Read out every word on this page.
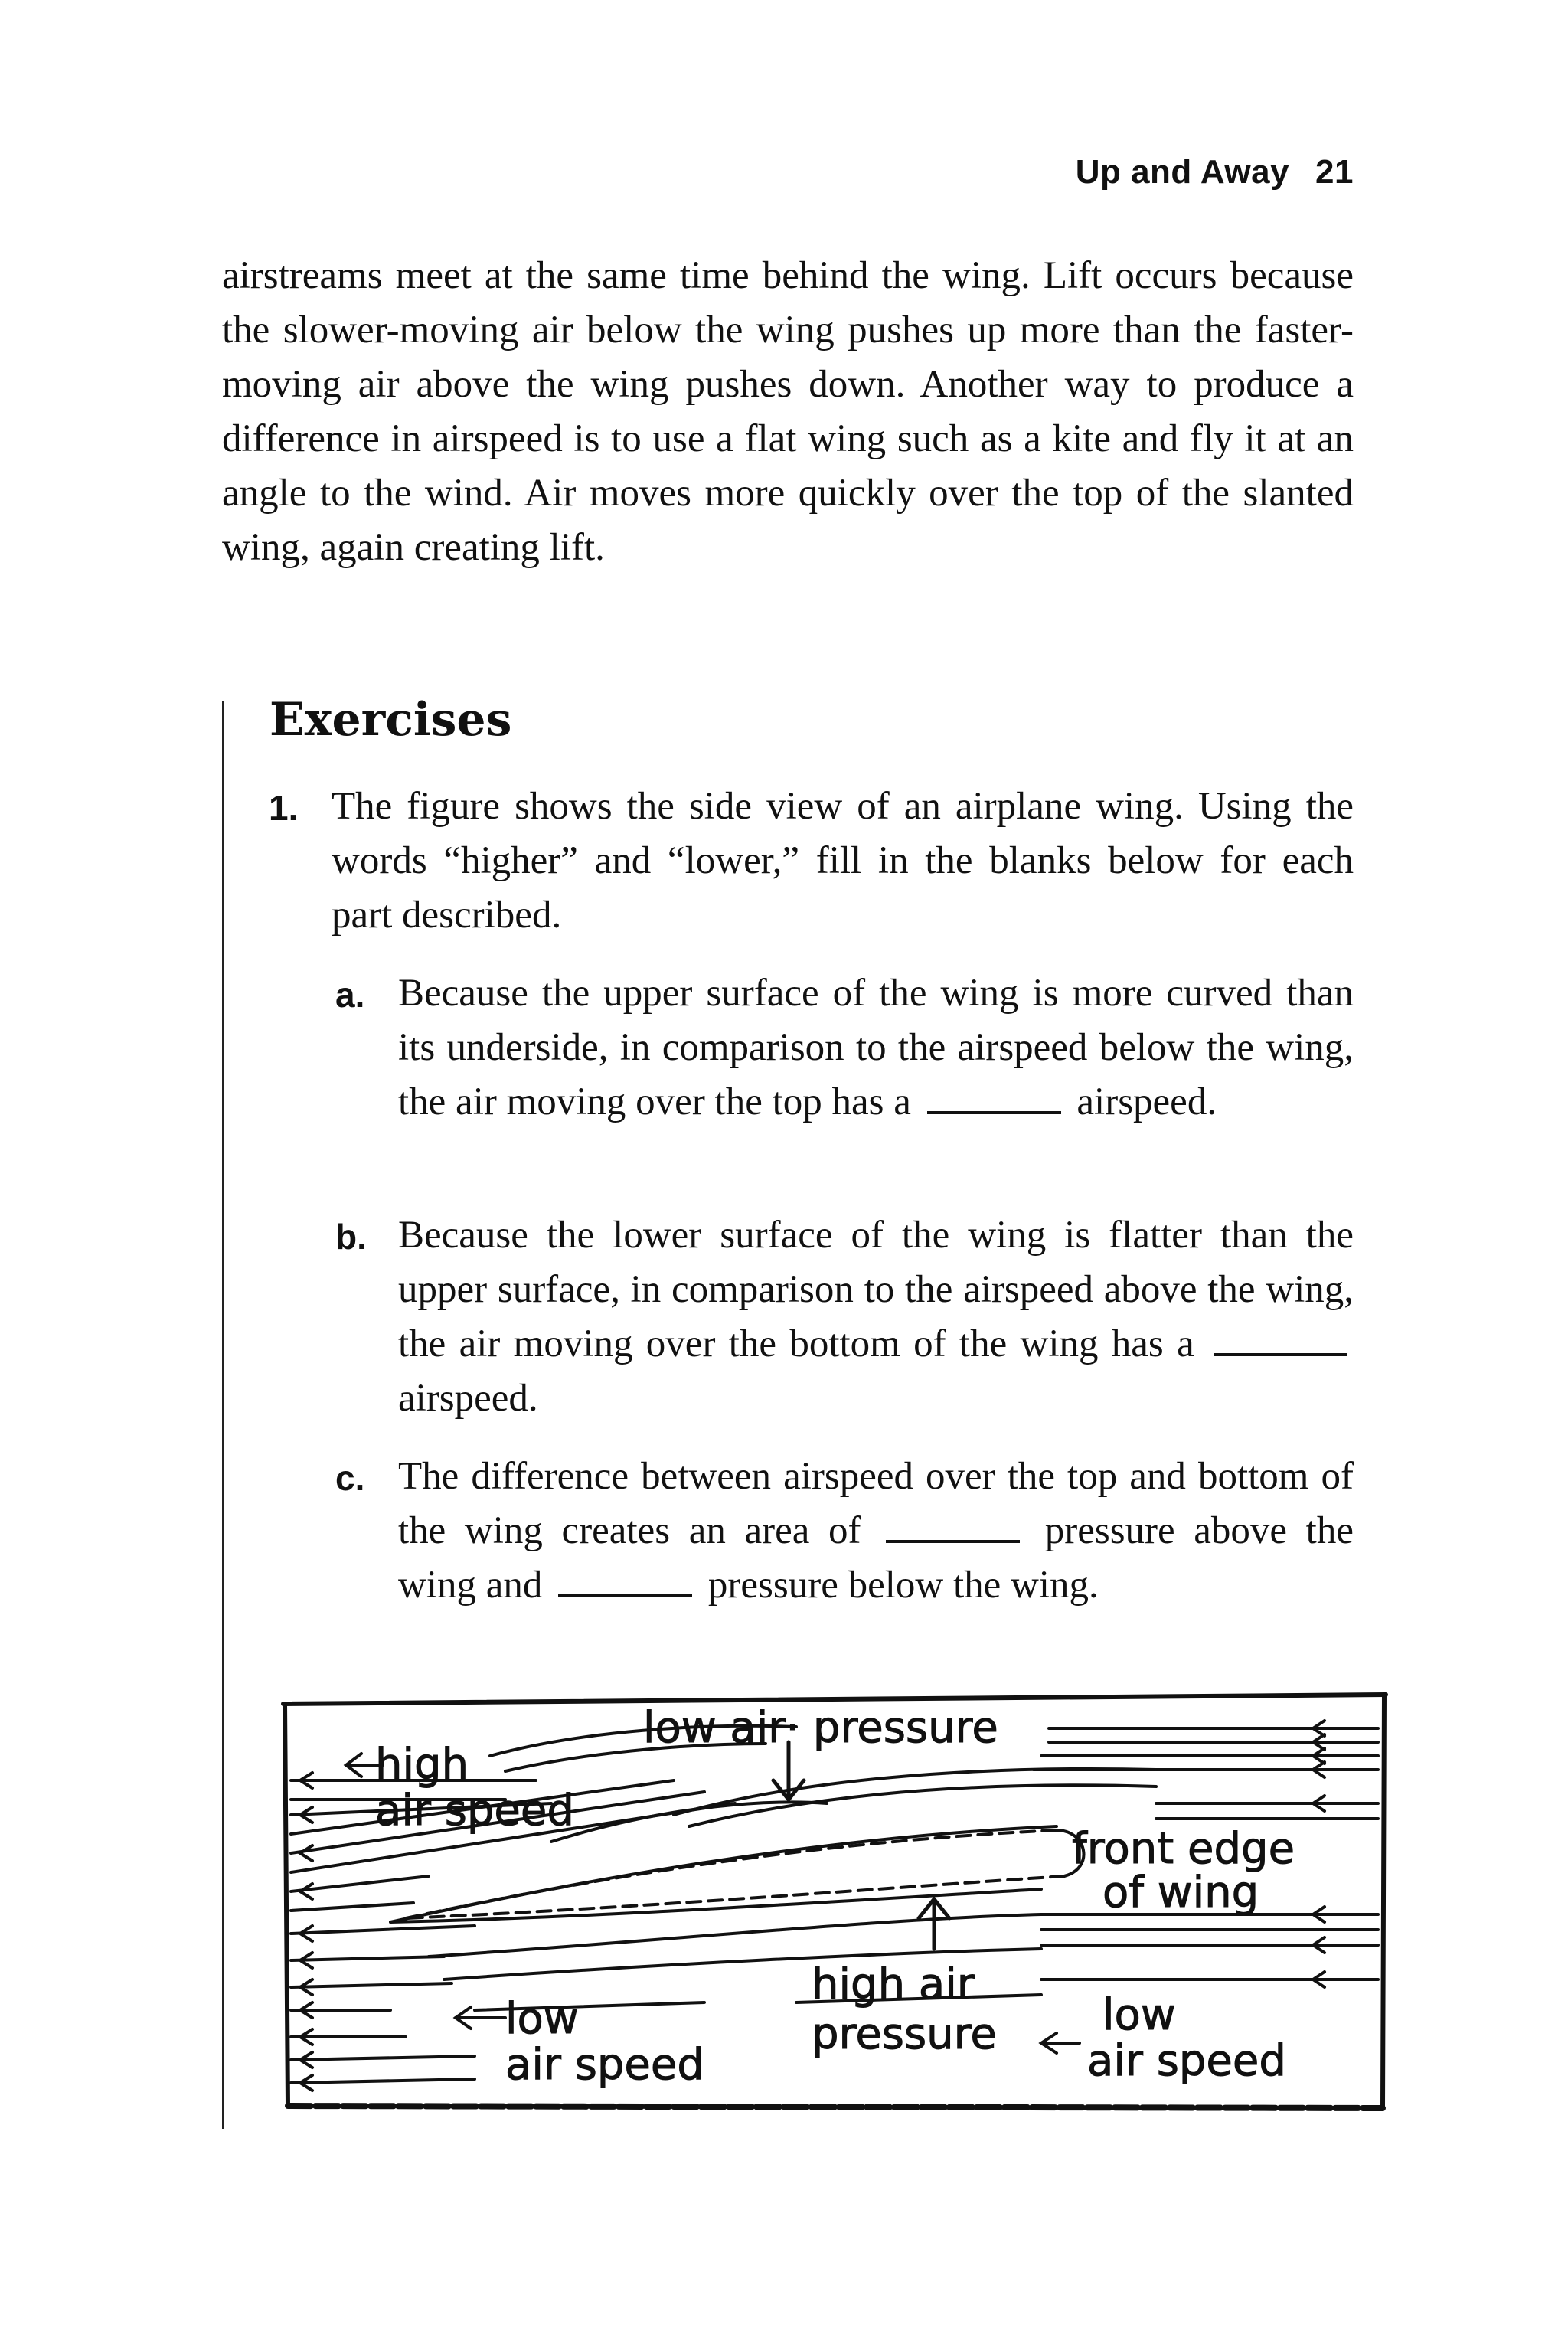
Up and Away 21

airstreams meet at the same time behind the wing. Lift occurs because the slower-moving air below the wing pushes up more than the faster-moving air above the wing pushes down. Another way to produce a difference in airspeed is to use a flat wing such as a kite and fly it at an angle to the wind. Air moves more quickly over the top of the slanted wing, again creating lift.

Exercises

1. The figure shows the side view of an airplane wing. Using the words “higher” and “lower,” fill in the blanks below for each part described.

a. Because the upper surface of the wing is more curved than its underside, in comparison to the airspeed below the wing, the air moving over the top has a	airspeed.

b. Because the lower surface of the wing is flatter than the upper surface, in comparison to the airspeed above the wing, the air moving over the bottom of the wing has a  airspeed.

c. The difference between airspeed over the top and bottom of the wing creates an area of	pressure above the wing and	pressure below the wing.

high
air speed
low air· pressure
front edge
of wing
low
air speed
high air
pressure low
air speed
